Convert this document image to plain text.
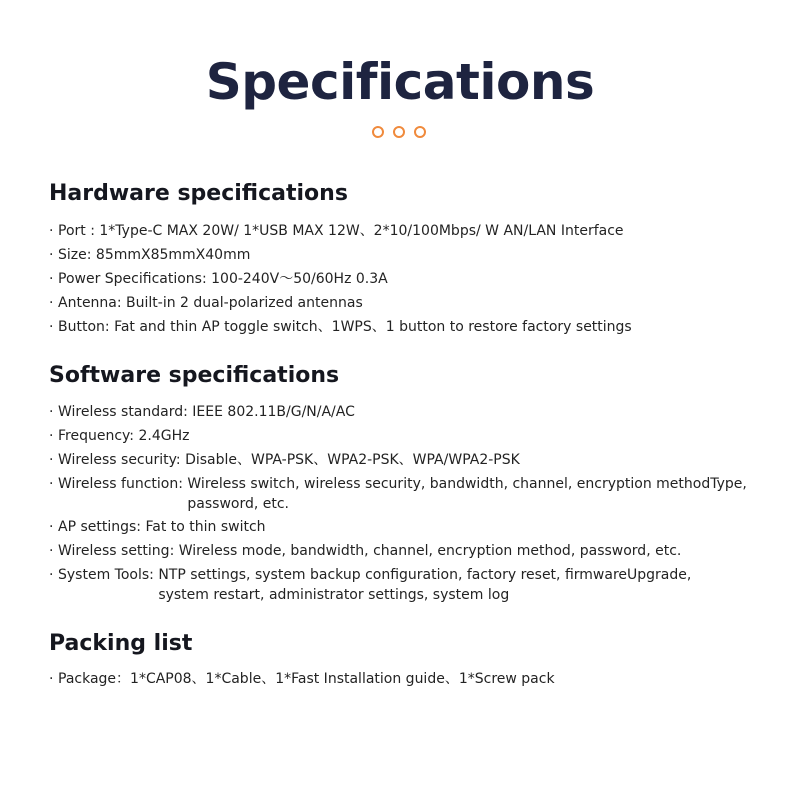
Specifications
Hardware specifications
· Port : 1*Type-C MAX 20W/ 1*USB MAX 12W、2*10/100Mbps/ W AN/LAN Interface
· Size: 85mmX85mmX40mm
· Power Specifications: 100-240V～50/60Hz 0.3A
· Antenna: Built-in 2 dual-polarized antennas
· Button: Fat and thin AP toggle switch、1WPS、1 button to restore factory settings
Software specifications
· Wireless standard: IEEE 802.11B/G/N/A/AC
· Frequency: 2.4GHz
· Wireless security: Disable、WPA-PSK、WPA2-PSK、WPA/WPA2-PSK
· Wireless function: Wireless switch, wireless security, bandwidth, channel, encryption methodType,
password, etc.
· AP settings: Fat to thin switch
· Wireless setting: Wireless mode, bandwidth, channel, encryption method, password, etc.
· System Tools: NTP settings, system backup configuration, factory reset, firmwareUpgrade,
system restart, administrator settings, system log
Packing list
· Package： 1*CAP08、1*Cable、1*Fast Installation guide、1*Screw pack
